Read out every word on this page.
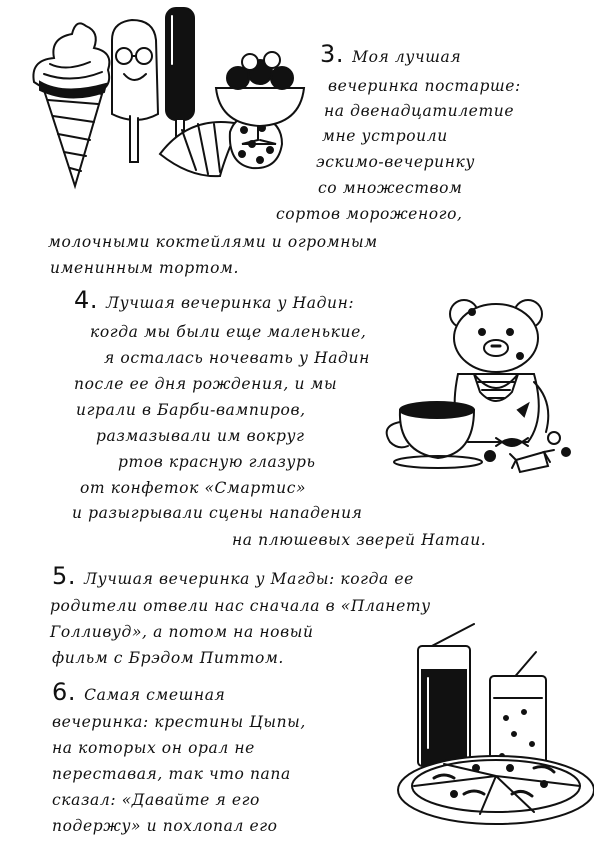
3. Моя лучшая
вечеринка постарше:
на двенадцатилетие
мне устроили
эскимо-вечеринку
со множеством
сортов мороженого,
молочными коктейлями и огромным
именинным тортом.
4. Лучшая вечеринка у Надин:
когда мы были еще маленькие,
я осталась ночевать у Надин
после ее дня рождения, и мы
играли в Барби-вампиров,
размазывали им вокруг
ртов красную глазурь
от конфеток «Смартис»
и разыгрывали сцены нападения
на плюшевых зверей Натаи.
5. Лучшая вечеринка у Магды: когда ее
родители отвели нас сначала в «Планету
Голливуд», а потом на новый
фильм с Брэдом Питтом.
6. Самая смешная
вечеринка: крестины Цыпы,
на которых он орал не
переставая, так что папа
сказал: «Давайте я его
подержу» и похлопал его
